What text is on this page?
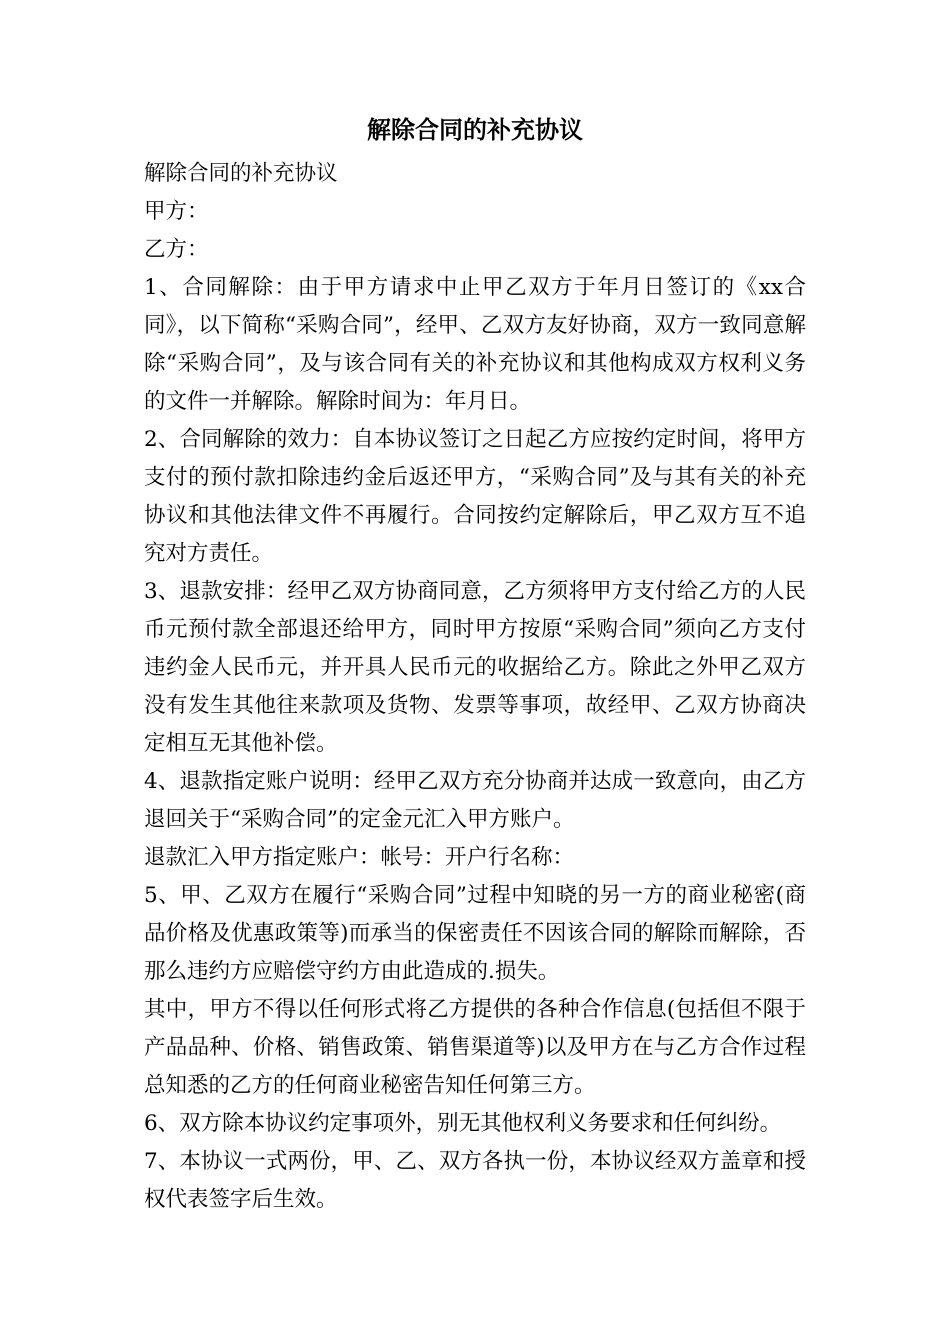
解除合同的补充协议

解除合同的补充协议

甲方：

乙方：

1、合同解除：由于甲方请求中止甲乙双方于年月日签订的《xx合同》，以下简称“采购合同”，经甲、乙双方友好协商，双方一致同意解除“采购合同”，及与该合同有关的补充协议和其他构成双方权利义务的文件一并解除。解除时间为：年月日。

2、合同解除的效力：自本协议签订之日起乙方应按约定时间，将甲方支付的预付款扣除违约金后返还甲方，“采购合同”及与其有关的补充协议和其他法律文件不再履行。合同按约定解除后，甲乙双方互不追究对方责任。

3、退款安排：经甲乙双方协商同意，乙方须将甲方支付给乙方的人民币元预付款全部退还给甲方，同时甲方按原“采购合同”须向乙方支付违约金人民币元，并开具人民币元的收据给乙方。除此之外甲乙双方没有发生其他往来款项及货物、发票等事项，故经甲、乙双方协商决定相互无其他补偿。

4、退款指定账户说明：经甲乙双方充分协商并达成一致意向，由乙方退回关于“采购合同”的定金元汇入甲方账户。

退款汇入甲方指定账户：帐号：开户行名称：

5、甲、乙双方在履行“采购合同”过程中知晓的另一方的商业秘密(商品价格及优惠政策等)而承当的保密责任不因该合同的解除而解除，否那么违约方应赔偿守约方由此造成的.损失。

其中，甲方不得以任何形式将乙方提供的各种合作信息(包括但不限于产品品种、价格、销售政策、销售渠道等)以及甲方在与乙方合作过程总知悉的乙方的任何商业秘密告知任何第三方。

6、双方除本协议约定事项外，别无其他权利义务要求和任何纠纷。

7、本协议一式两份，甲、乙、双方各执一份，本协议经双方盖章和授权代表签字后生效。
